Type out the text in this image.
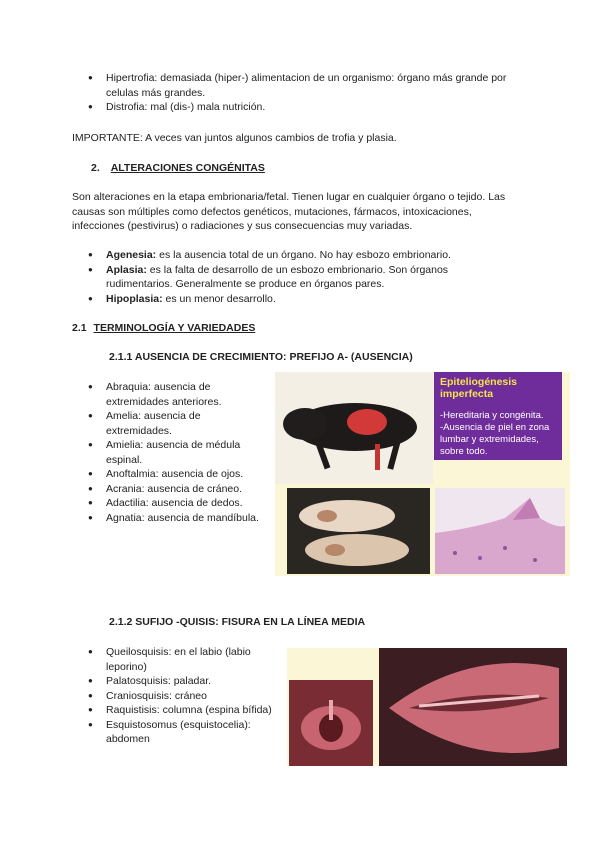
● Hipertrofia: demasiada (hiper-) alimentacion de un organismo: órgano más grande por celulas más grandes.
● Distrofia: mal (dis-) mala nutrición.
IMPORTANTE: A veces van juntos algunos cambios de trofia y plasia.
2. ALTERACIONES CONGÉNITAS
Son alteraciones en la etapa embrionaria/fetal. Tienen lugar en cualquier órgano o tejido. Las causas son múltiples como defectos genéticos, mutaciones, fármacos, intoxicaciones, infecciones (pestivirus) o radiaciones y sus consecuencias muy variadas.
● Agenesia: es la ausencia total de un órgano. No hay esbozo embrionario.
● Aplasia: es la falta de desarrollo de un esbozo embrionario. Son órganos rudimentarios. Generalmente se produce en órganos pares.
● Hipoplasia: es un menor desarrollo.
2.1 TERMINOLOGÍA Y VARIEDADES
2.1.1 AUSENCIA DE CRECIMIENTO: PREFIJO A- (AUSENCIA)
● Abraquia: ausencia de extremidades anteriores.
● Amelia: ausencia de extremidades.
● Amielia: ausencia de médula espinal.
● Anoftalmia: ausencia de ojos.
● Acrania: ausencia de cráneo.
● Adactilia: ausencia de dedos.
● Agnatia: ausencia de mandíbula.
Epiteliogénesis imperfecta
-Hereditaria y congénita.
-Ausencia de piel en zona lumbar y extremidades, sobre todo.
2.1.2 SUFIJO -QUISIS: FISURA EN LA LÍNEA MEDIA
● Queilosquisis: en el labio (labio leporino)
● Palatosquisis: paladar.
● Craniosquisis: cráneo
● Raquistisis: columna (espina bífida)
● Esquistosomus (esquistocelia): abdomen
